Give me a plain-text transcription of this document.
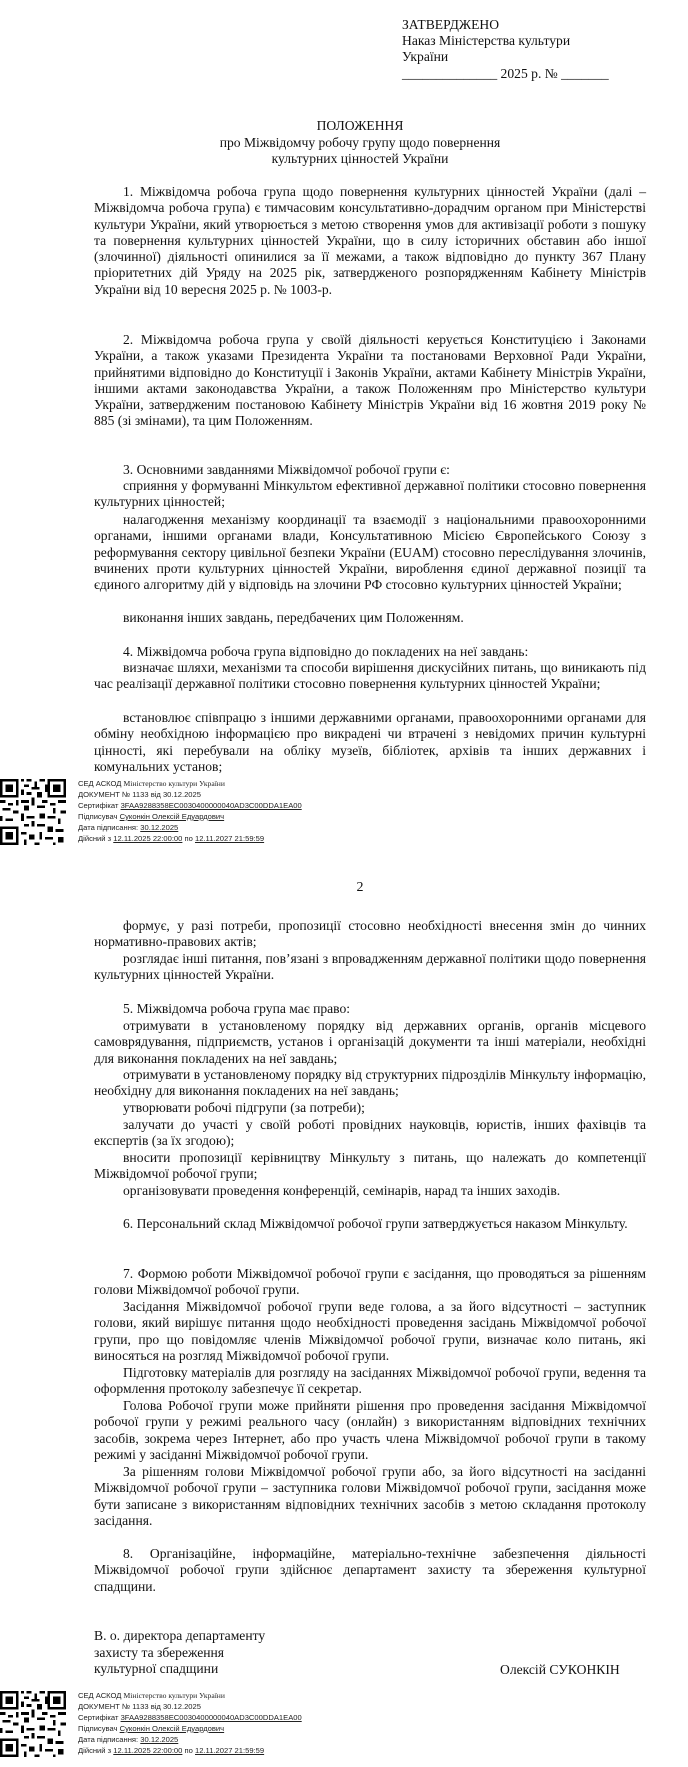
ЗАТВЕРДЖЕНО
Наказ Міністерства культури
України
______________ 2025 р. № _______
ПОЛОЖЕННЯ
про Міжвідомчу робочу групу щодо повернення
культурних цінностей України
1. Міжвідомча робоча група щодо повернення культурних цінностей України (далі – Міжвідомча робоча група) є тимчасовим консультативно-дорадчим органом при Міністерстві культури України, який утворюється з метою створення умов для активізації роботи з пошуку та повернення культурних цінностей України, що в силу історичних обставин або іншої (злочинної) діяльності опинилися за її межами, а також відповідно до пункту 367 Плану пріоритетних дій Уряду на 2025 рік, затвердженого розпорядженням Кабінету Міністрів України від 10 вересня 2025 р. № 1003-р.
2. Міжвідомча робоча група у своїй діяльності керується Конституцією і Законами України, а також указами Президента України та постановами Верховної Ради України, прийнятими відповідно до Конституції і Законів України, актами Кабінету Міністрів України, іншими актами законодавства України, а також Положенням про Міністерство культури України, затвердженим постановою Кабінету Міністрів України від 16 жовтня 2019 року № 885 (зі змінами), та цим Положенням.
3. Основними завданнями Міжвідомчої робочої групи є:
сприяння у формуванні Мінкультом ефективної державної політики стосовно повернення культурних цінностей;
налагодження механізму координації та взаємодії з національними правоохоронними органами, іншими органами влади, Консультативною Місією Європейського Союзу з реформування сектору цивільної безпеки України (EUAM) стосовно переслідування злочинів, вчинених проти культурних цінностей України, вироблення єдиної державної позиції та єдиного алгоритму дій у відповідь на злочини РФ стосовно культурних цінностей України;
виконання інших завдань, передбачених цим Положенням.
4. Міжвідомча робоча група відповідно до покладених на неї завдань:
визначає шляхи, механізми та способи вирішення дискусійних питань, що виникають під час реалізації державної політики стосовно повернення культурних цінностей України;
встановлює співпрацю з іншими державними органами, правоохоронними органами для обміну необхідною інформацією про викрадені чи втрачені з невідомих причин культурні цінності, які перебували на обліку музеїв, бібліотек, архівів та інших державних і комунальних установ;
СЕД АСКОД Міністерство культури України
ДОКУМЕНТ № 1133 від 30.12.2025
Сертифікат 3FAA9288358EC0030400000040AD3C00DDA1EA00
Підписувач Суконкін Олексій Едуардович
Дата підписання: 30.12.2025
Дійсний з 12.11.2025 22:00:00 по 12.11.2027 21:59:59
2
формує, у разі потреби, пропозиції стосовно необхідності внесення змін до чинних нормативно-правових актів;
розглядає інші питання, пов’язані з впровадженням державної політики щодо повернення культурних цінностей України.
5. Міжвідомча робоча група має право:
отримувати в установленому порядку від державних органів, органів місцевого самоврядування, підприємств, установ і організацій документи та інші матеріали, необхідні для виконання покладених на неї завдань;
отримувати в установленому порядку від структурних підрозділів Мінкульту інформацію, необхідну для виконання покладених на неї завдань;
утворювати робочі підгрупи (за потреби);
залучати до участі у своїй роботі провідних науковців, юристів, інших фахівців та експертів (за їх згодою);
вносити пропозиції керівництву Мінкульту з питань, що належать до компетенції Міжвідомчої робочої групи;
організовувати проведення конференцій, семінарів, нарад та інших заходів.
6. Персональний склад Міжвідомчої робочої групи затверджується наказом Мінкульту.
7. Формою роботи Міжвідомчої робочої групи є засідання, що проводяться за рішенням голови Міжвідомчої робочої групи.
Засідання Міжвідомчої робочої групи веде голова, а за його відсутності – заступник голови, який вирішує питання щодо необхідності проведення засідань Міжвідомчої робочої групи, про що повідомляє членів Міжвідомчої робочої групи, визначає коло питань, які виносяться на розгляд Міжвідомчої робочої групи.
Підготовку матеріалів для розгляду на засіданнях Міжвідомчої робочої групи, ведення та оформлення протоколу забезпечує її секретар.
Голова Робочої групи може прийняти рішення про проведення засідання Міжвідомчої робочої групи у режимі реального часу (онлайн) з використанням відповідних технічних засобів, зокрема через Інтернет, або про участь члена Міжвідомчої робочої групи в такому режимі у засіданні Міжвідомчої робочої групи.
За рішенням голови Міжвідомчої робочої групи або, за його відсутності на засіданні Міжвідомчої робочої групи – заступника голови Міжвідомчої робочої групи, засідання може бути записане з використанням відповідних технічних засобів з метою складання протоколу засідання.
8. Організаційне, інформаційне, матеріально-технічне забезпечення діяльності Міжвідомчої робочої групи здійснює департамент захисту та збереження культурної спадщини.
В. о. директора департаменту
захисту та збереження
культурної спадщини	Олексій СУКОНКІН
СЕД АСКОД Міністерство культури України
ДОКУМЕНТ № 1133 від 30.12.2025
Сертифікат 3FAA9288358EC0030400000040AD3C00DDA1EA00
Підписувач Суконкін Олексій Едуардович
Дата підписання: 30.12.2025
Дійсний з 12.11.2025 22:00:00 по 12.11.2027 21:59:59
